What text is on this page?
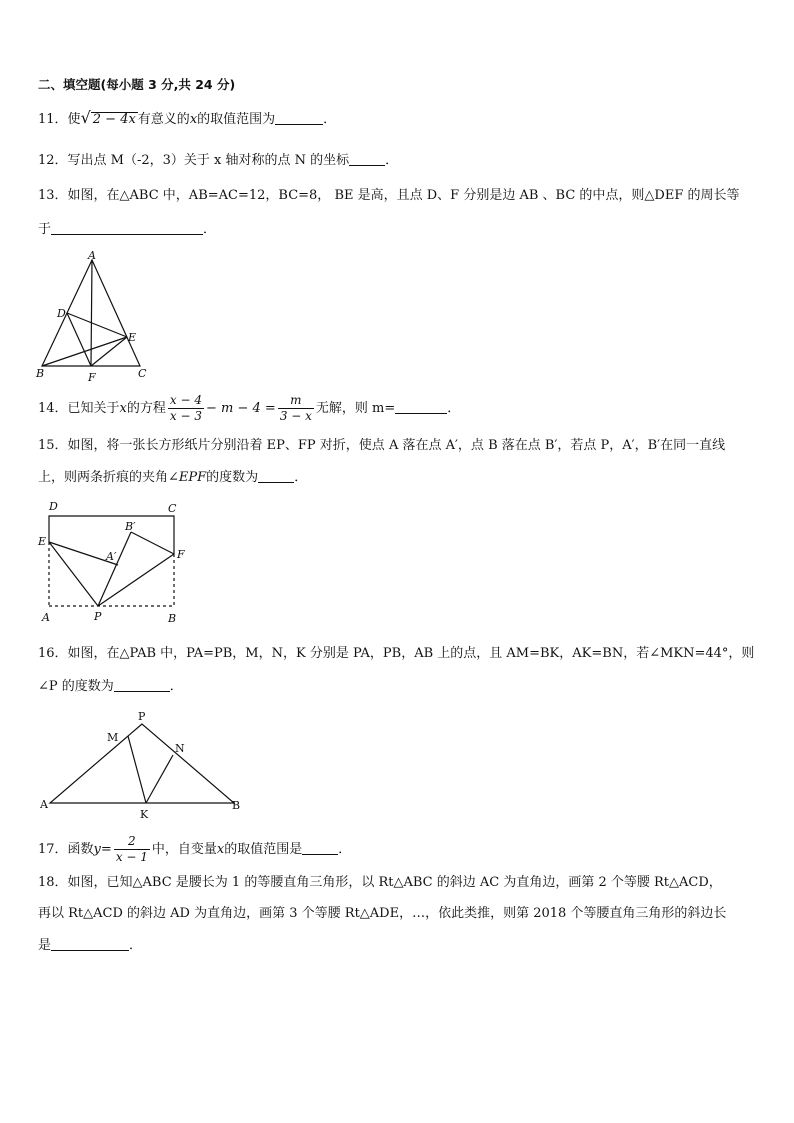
二、填空题(每小题 3 分,共 24 分)
11．使√ 2 − 4x 有意义的x的取值范围为	．
12．写出点 M（-2，3）关于 x 轴对称的点 N 的坐标	．
13．如图，在△ABC 中，AB=AC=12，BC=8， BE 是高，且点 D、F 分别是边 AB 、BC 的中点，则△DEF 的周长等
于	．
A
B	C
D
E
F
14．已知关于x的方程 $\frac{x - 4}{x - 3} - m - 4 = \frac{m}{3 - x}$ 无解，则 m=	．
15．如图，将一张长方形纸片分别沿着 EP、FP 对折，使点 A 落在点 A′，点 B 落在点 B′，若点 P，A′，B′在同一直线
上，则两条折痕的夹角∠EPF的度数为	．
D	C
E
F
B′
A′
A	P	B
16．如图，在△PAB 中，PA=PB，M，N，K 分别是 PA，PB，AB 上的点，且 AM=BK，AK=BN，若∠MKN=44°，则
∠P 的度数为	．
P
M
N
A	B
K
17．函数$y= \frac{2}{x - 1}$ 中，自变量x的取值范围是	．
18．如图，已知△ABC 是腰长为 1 的等腰直角三角形，以 Rt△ABC 的斜边 AC 为直角边，画第 2 个等腰 Rt△ACD，
再以 Rt△ACD 的斜边 AD 为直角边，画第 3 个等腰 Rt△ADE，…，依此类推，则第 2018 个等腰直角三角形的斜边长
是	．
